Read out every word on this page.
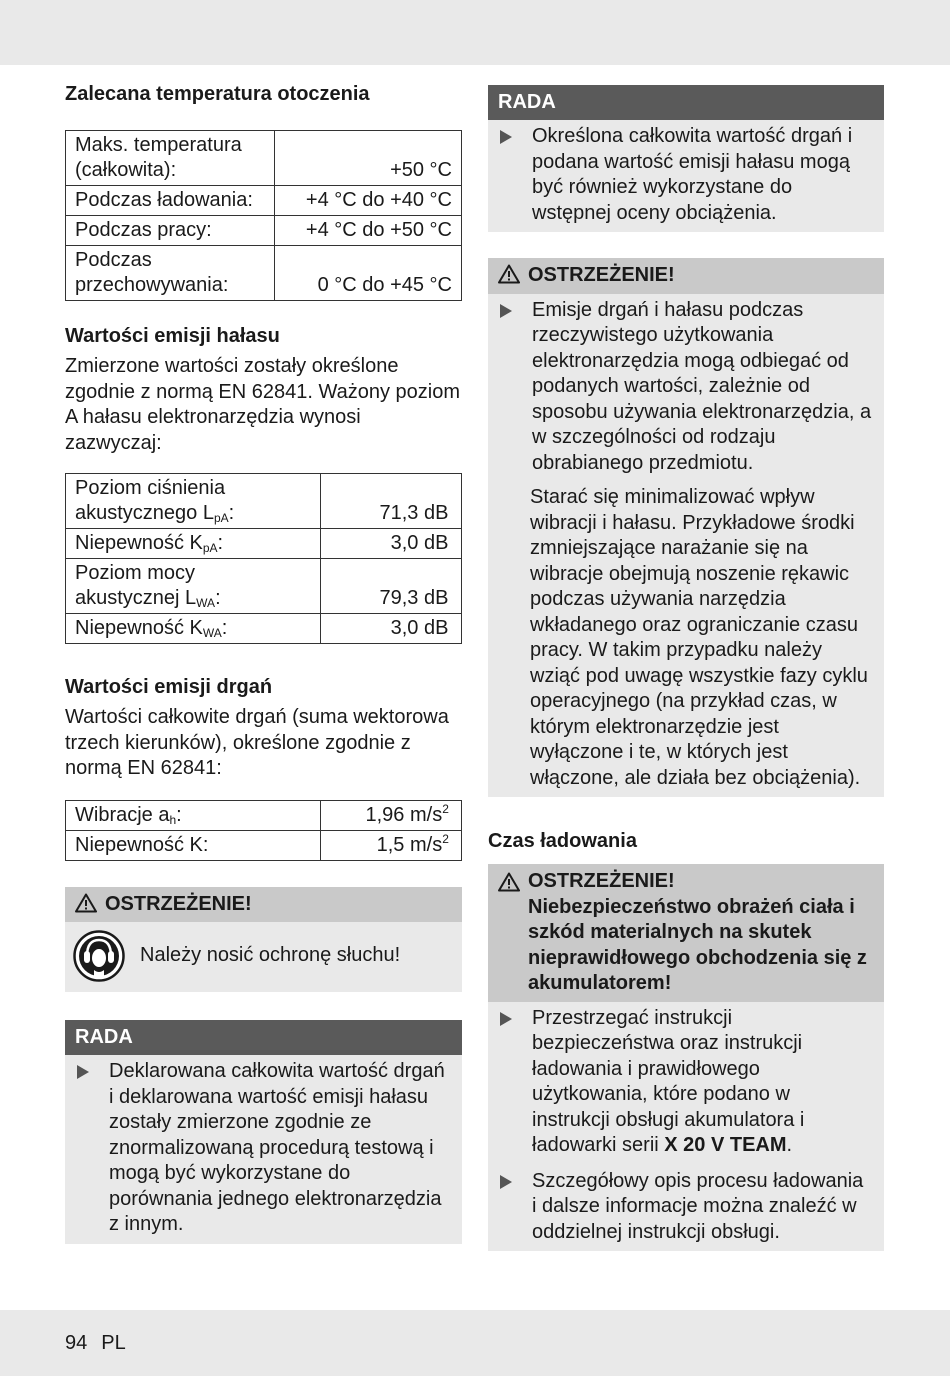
Zalecana temperatura otoczenia
Maks. temperatura
(całkowita):	+50 °C
Podczas ładowania:	+4 °C do +40 °C
Podczas pracy:	+4 °C do +50 °C
Podczas
przechowywania:	0 °C do +45 °C
Wartości emisji hałasu

Zmierzone wartości zostały określone zgodnie z normą EN 62841. Ważony poziom A hałasu elektronarzędzia wynosi zazwyczaj:

Poziom ciśnienia
akustycznego $L_{pA}$:	71,3 dB
Niepewność $K_{pA}$:	3,0 dB
Poziom mocy
akustycznej $L_{WA}$:	79,3 dB
Niepewność $K_{WA}$:	3,0 dB
Wartości emisji drgań

Wartości całkowite drgań (suma wektorowa trzech kierunków), określone zgodnie z normą EN 62841:

Wibracje $a_h$:	1,96 $m/s^2$
Niepewność K:	1,5 $m/s^2$
OSTRZEŻENIE!
Należy nosić ochronę słuchu!
RADA
Deklarowana całkowita wartość drgań i deklarowana wartość emisji hałasu zostały zmierzone zgodnie ze znormalizowaną procedurą testową i mogą być wykorzystane do porównania jednego elektronarzędzia z innym.
RADA
Określona całkowita wartość drgań i podana wartość emisji hałasu mogą być również wykorzystane do wstępnej oceny obciążenia.
OSTRZEŻENIE!
Emisje drgań i hałasu podczas rzeczywistego użytkowania elektronarzędzia mogą odbiegać od podanych wartości, zależnie od sposobu używania elektronarzędzia, a w szczególności od rodzaju obrabianego przedmiotu.

Starać się minimalizować wpływ wibracji i hałasu. Przykładowe środki zmniejszające narażanie się na wibracje obejmują noszenie rękawic podczas używania narzędzia wkładanego oraz ograniczanie czasu pracy. W takim przypadku należy wziąć pod uwagę wszystkie fazy cyklu operacyjnego (na przykład czas, w którym elektronarzędzie jest wyłączone i te, w których jest włączone, ale działa bez obciążenia).

Czas ładowania
OSTRZEŻENIE!
Niebezpieczeństwo obrażeń ciała i szkód materialnych na skutek nieprawidłowego obchodzenia się z akumulatorem!
Przestrzegać instrukcji bezpieczeństwa oraz instrukcji ładowania i prawidłowego użytkowania, które podano w instrukcji obsługi akumulatora i ładowarki serii X 20 V TEAM.
Szczegółowy opis procesu ładowania i dalsze informacje można znaleźć w oddzielnej instrukcji obsługi.
94 PL
